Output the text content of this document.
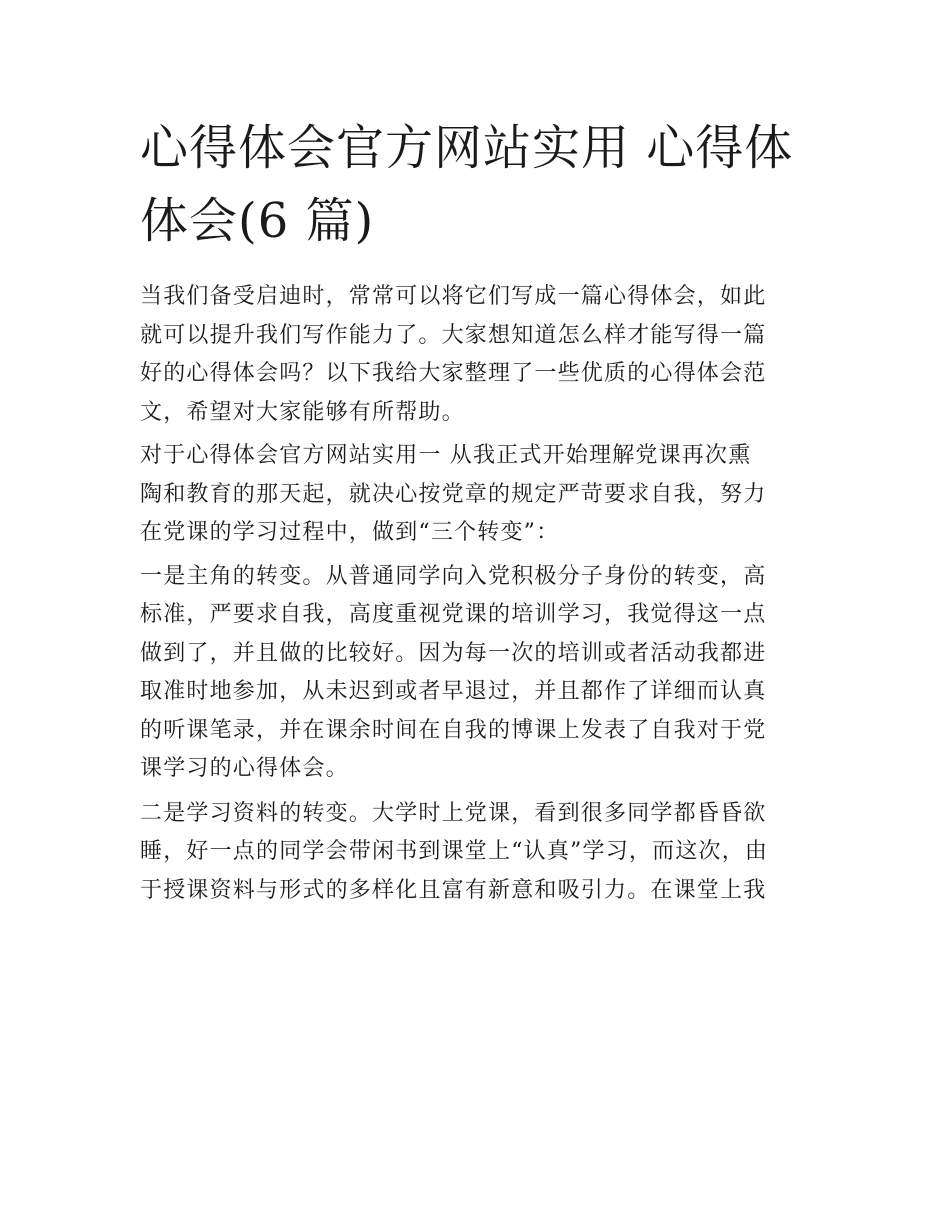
心得体会官方网站实用 心得体
体会(6 篇)

当我们备受启迪时，常常可以将它们写成一篇心得体会，如此
就可以提升我们写作能力了。大家想知道怎么样才能写得一篇
好的心得体会吗？以下我给大家整理了一些优质的心得体会范
文，希望对大家能够有所帮助。

对于心得体会官方网站实用一 从我正式开始理解党课再次熏
陶和教育的那天起，就决心按党章的规定严苛要求自我，努力
在党课的学习过程中，做到“三个转变”：

一是主角的转变。从普通同学向入党积极分子身份的转变，高
标准，严要求自我，高度重视党课的培训学习，我觉得这一点
做到了，并且做的比较好。因为每一次的培训或者活动我都进
取准时地参加，从未迟到或者早退过，并且都作了详细而认真
的听课笔录，并在课余时间在自我的博课上发表了自我对于党
课学习的心得体会。

二是学习资料的转变。大学时上党课，看到很多同学都昏昏欲
睡，好一点的同学会带闲书到课堂上“认真”学习，而这次，由
于授课资料与形式的多样化且富有新意和吸引力。在课堂上我
